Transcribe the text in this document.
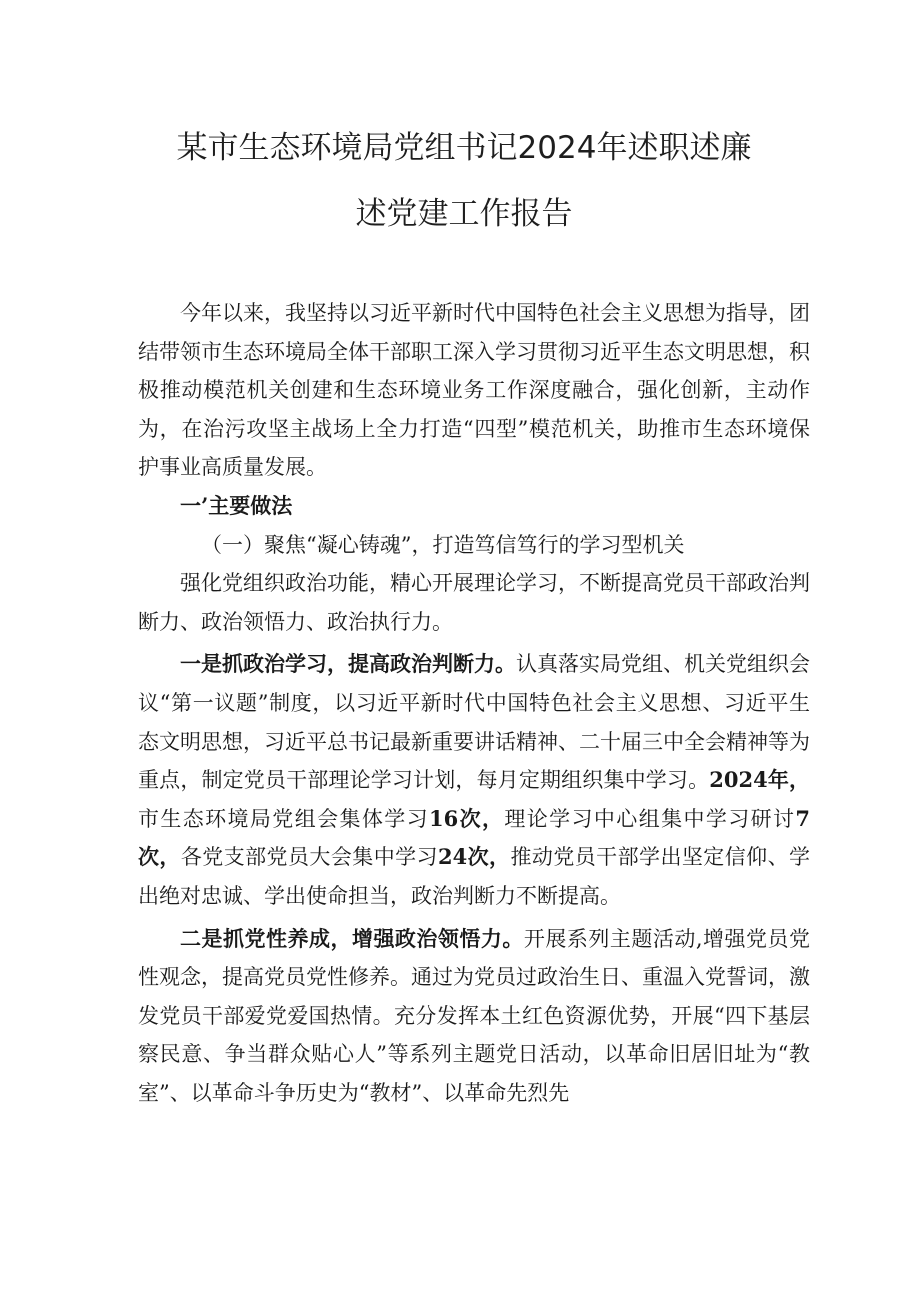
某市生态环境局党组书记2024年述职述廉
述党建工作报告

今年以来，我坚持以习近平新时代中国特色社会主义思想为指导，团结带领市生态环境局全体干部职工深入学习贯彻习近平生态文明思想，积极推动模范机关创建和生态环境业务工作深度融合，强化创新，主动作为，在治污攻坚主战场上全力打造“四型”模范机关，助推市生态环境保护事业高质量发展。

一’主要做法

（一）聚焦“凝心铸魂”，打造笃信笃行的学习型机关

强化党组织政治功能，精心开展理论学习，不断提高党员干部政治判断力、政治领悟力、政治执行力。

一是抓政治学习，提高政治判断力。认真落实局党组、机关党组织会议“第一议题”制度，以习近平新时代中国特色社会主义思想、习近平生态文明思想，习近平总书记最新重要讲话精神、二十届三中全会精神等为重点，制定党员干部理论学习计划，每月定期组织集中学习。2024年，市生态环境局党组会集体学习16次，理论学习中心组集中学习研讨7次，各党支部党员大会集中学习24次，推动党员干部学出坚定信仰、学出绝对忠诚、学出使命担当，政治判断力不断提高。

二是抓党性养成，增强政治领悟力。开展系列主题活动,增强党员党性观念，提高党员党性修养。通过为党员过政治生日、重温入党誓词，激发党员干部爱党爱国热情。充分发挥本土红色资源优势，开展“四下基层察民意、争当群众贴心人”等系列主题党日活动，以革命旧居旧址为“教室”、以革命斗争历史为“教材”、以革命先烈先
